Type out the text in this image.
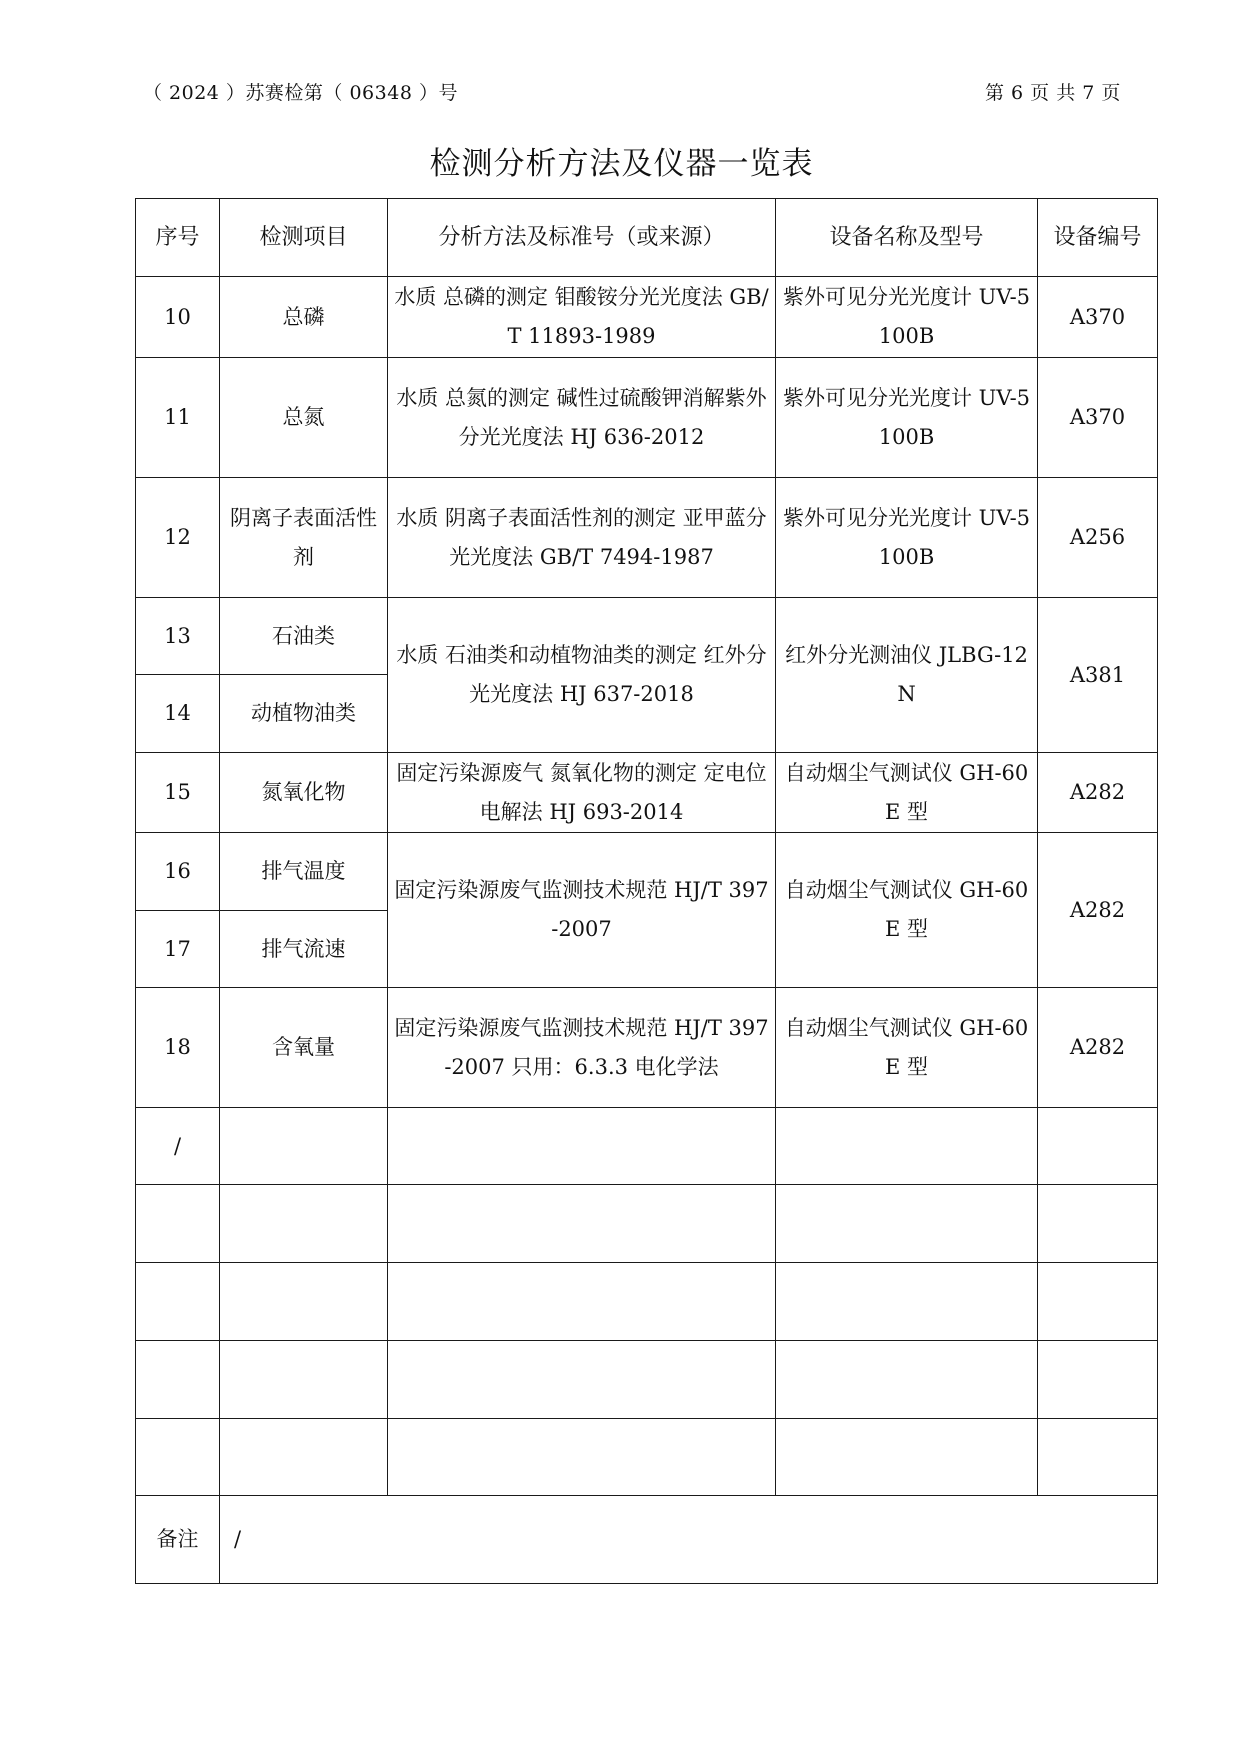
（ 2024 ）苏赛检第（ 06348 ）号	第 6 页 共 7 页
检测分析方法及仪器一览表
序号	检测项目	分析方法及标准号（或来源）	设备名称及型号	设备编号
10	总磷	水质 总磷的测定 钼酸铵分光光度法 GB/T 11893-1989	紫外可见分光光度计 UV-5100B	A370
11	总氮	水质 总氮的测定 碱性过硫酸钾消解紫外分光光度法 HJ 636-2012	紫外可见分光光度计 UV-5100B	A370
12	阴离子表面活性剂	水质 阴离子表面活性剂的测定 亚甲蓝分光光度法 GB/T 7494-1987	紫外可见分光光度计 UV-5100B	A256
13	石油类	水质 石油类和动植物油类的测定 红外分光光度法 HJ 637-2018	红外分光测油仪 JLBG-12N	A381
14	动植物油类			
15	氮氧化物	固定污染源废气 氮氧化物的测定 定电位电解法 HJ 693-2014	自动烟尘气测试仪 GH-60E 型	A282
16	排气温度	固定污染源废气监测技术规范 HJ/T 397-2007	自动烟尘气测试仪 GH-60E 型	A282
17	排气流速			
18	含氧量	固定污染源废气监测技术规范 HJ/T 397-2007 只用：6.3.3 电化学法	自动烟尘气测试仪 GH-60E 型	A282
/				

备注	/			
